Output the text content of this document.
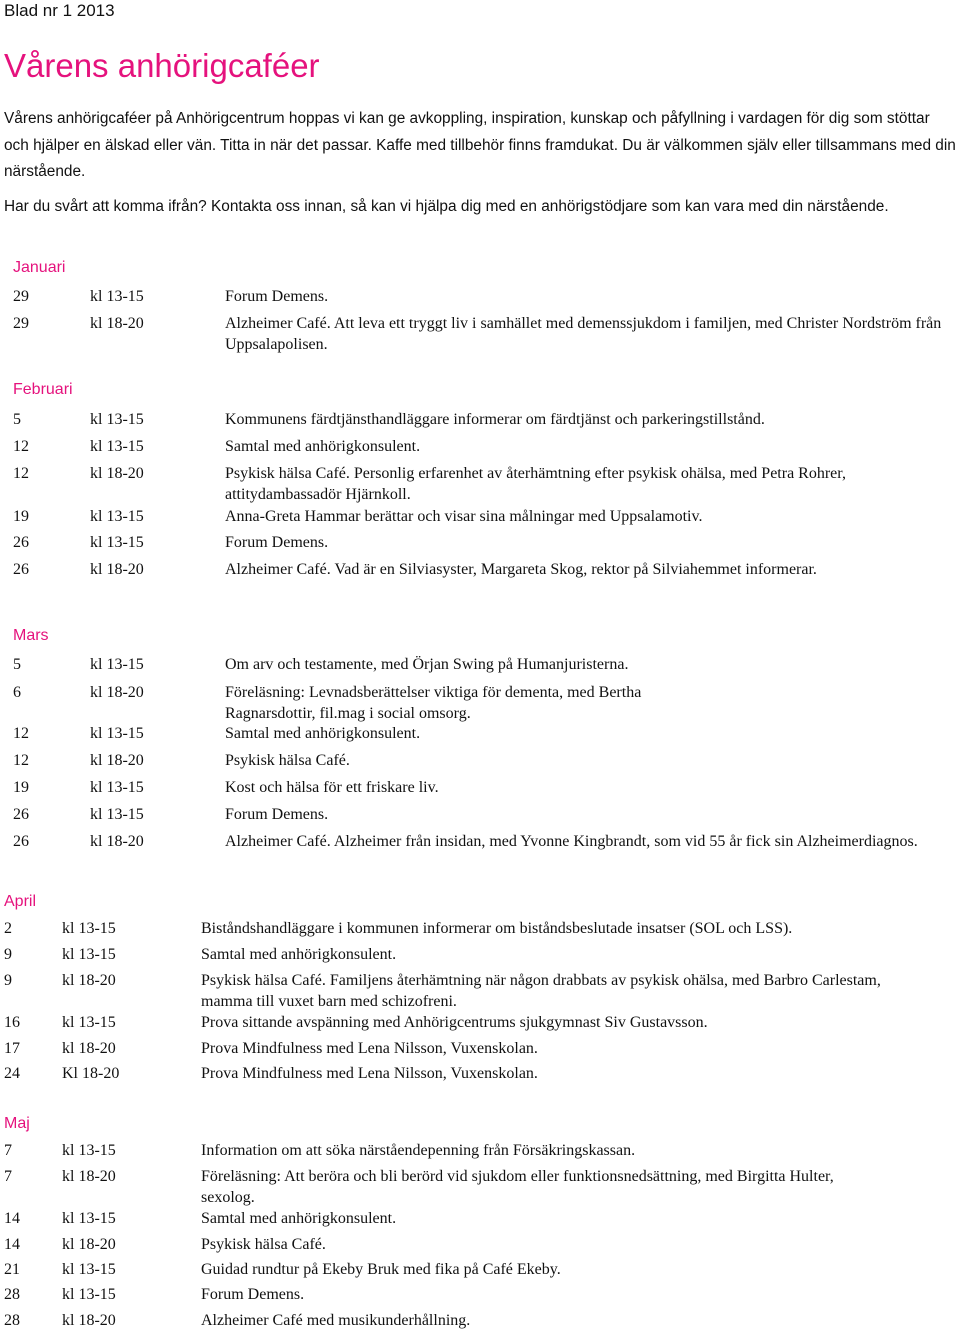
Blad nr 1 2013
Vårens anhörigcaféer

Vårens anhörigcaféer på Anhörigcentrum hoppas vi kan ge avkoppling, inspiration, kunskap och påfyllning i vardagen för dig som stöttar och hjälper en älskad eller vän. Titta in när det passar. Kaffe med tillbehör finns framdukat. Du är välkommen själv eller tillsammans med din närstående.

Har du svårt att komma ifrån? Kontakta oss innan, så kan vi hjälpa dig med en anhörigstödjare som kan vara med din närstående.

Januari
29	kl 13-15	Forum Demens.
29	kl 18-20	Alzheimer Café. Att leva ett tryggt liv i samhället med demenssjukdom i familjen, med Christer Nordström från Uppsalapolisen.
Februari
5	kl 13-15	Kommunens färdtjänsthandläggare informerar om färdtjänst och parkeringstillstånd.
12	kl 13-15	Samtal med anhörigkonsulent.
12	kl 18-20	Psykisk hälsa Café. Personlig erfarenhet av återhämtning efter psykisk ohälsa, med Petra Rohrer, attitydambassadör Hjärnkoll.
19	kl 13-15	Anna-Greta Hammar berättar och visar sina målningar med Uppsalamotiv.
26	kl 13-15	Forum Demens.
26	kl 18-20	Alzheimer Café. Vad är en Silviasyster, Margareta Skog, rektor på Silviahemmet informerar.
Mars
5	kl 13-15	Om arv och testamente, med Örjan Swing på Humanjuristerna.
6	kl 18-20	Föreläsning: Levnadsberättelser viktiga för dementa, med Bertha Ragnarsdottir, fil.mag i social omsorg.
12	kl 13-15	Samtal med anhörigkonsulent.
12	kl 18-20	Psykisk hälsa Café.
19	kl 13-15	Kost och hälsa för ett friskare liv.
26	kl 13-15	Forum Demens.
26	kl 18-20	Alzheimer Café. Alzheimer från insidan, med Yvonne Kingbrandt, som vid 55 år fick sin Alzheimerdiagnos.
April
2	kl 13-15	Biståndshandläggare i kommunen informerar om biståndsbeslutade insatser (SOL och LSS).
9	kl 13-15	Samtal med anhörigkonsulent.
9	kl 18-20	Psykisk hälsa Café. Familjens återhämtning när någon drabbats av psykisk ohälsa, med Barbro Carlestam, mamma till vuxet barn med schizofreni.
16	kl 13-15	Prova sittande avspänning med Anhörigcentrums sjukgymnast Siv Gustavsson.
17	kl 18-20	Prova Mindfulness med Lena Nilsson, Vuxenskolan.
24	Kl 18-20	Prova Mindfulness med Lena Nilsson, Vuxenskolan.
Maj
7	kl 13-15	Information om att söka närståendepenning från Försäkringskassan.
7	kl 18-20	Föreläsning: Att beröra och bli berörd vid sjukdom eller funktionsnedsättning, med Birgitta Hulter, sexolog.
14	kl 13-15	Samtal med anhörigkonsulent.
14	kl 18-20	Psykisk hälsa Café.
21	kl 13-15	Guidad rundtur på Ekeby Bruk med fika på Café Ekeby.
28	kl 13-15	Forum Demens.
28	kl 18-20	Alzheimer Café med musikunderhållning.
